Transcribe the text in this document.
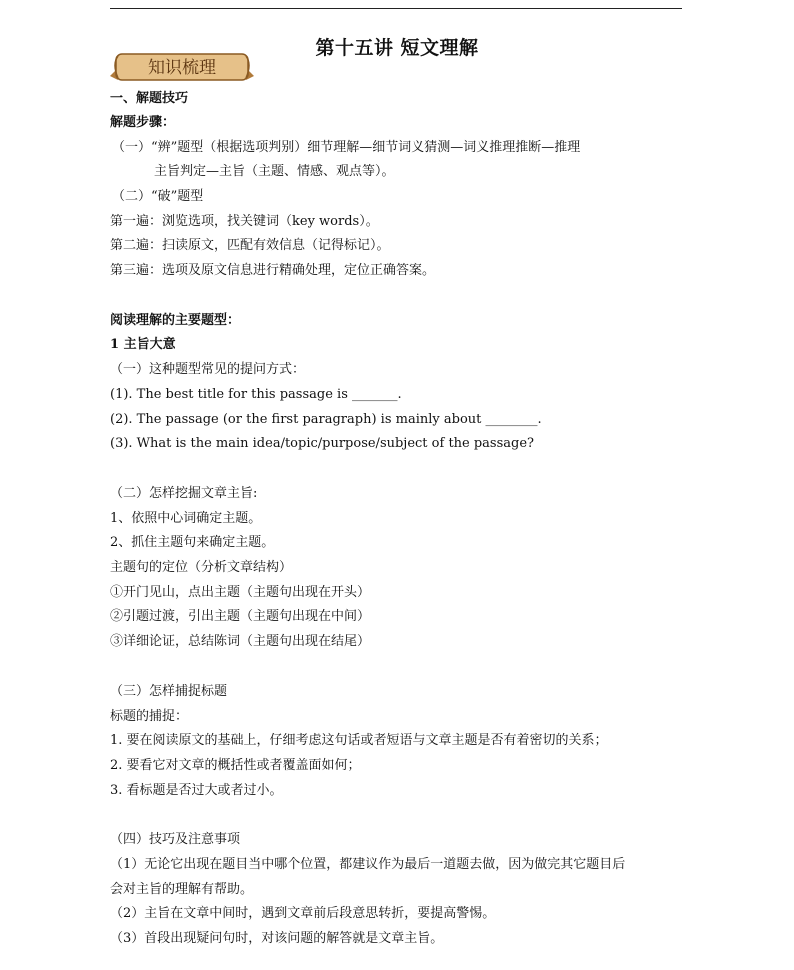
知识梳理
第十五讲 短文理解
一、解题技巧
解题步骤：
（一）“辨”题型（根据选项判别）细节理解—细节词义猜测—词义推理推断—推理
主旨判定—主旨（主题、情感、观点等）。
（二）“破”题型
第一遍：浏览选项，找关键词（key words）。
第二遍：扫读原文，匹配有效信息（记得标记）。
第三遍：选项及原文信息进行精确处理，定位正确答案。
阅读理解的主要题型：
1 主旨大意
（一）这种题型常见的提问方式：
(1). The best title for this passage is _______.
(2). The passage (or the first paragraph) is mainly about ________.
(3). What is the main idea/topic/purpose/subject of the passage?
（二）怎样挖掘文章主旨:
1、依照中心词确定主题。
2、抓住主题句来确定主题。
主题句的定位（分析文章结构）
①开门见山，点出主题（主题句出现在开头）
②引题过渡，引出主题（主题句出现在中间）
③详细论证，总结陈词（主题句出现在结尾）
（三）怎样捕捉标题
标题的捕捉：
1. 要在阅读原文的基础上，仔细考虑这句话或者短语与文章主题是否有着密切的关系；
2. 要看它对文章的概括性或者覆盖面如何；
3. 看标题是否过大或者过小。
（四）技巧及注意事项
（1）无论它出现在题目当中哪个位置，都建议作为最后一道题去做，因为做完其它题目后
会对主旨的理解有帮助。
（2）主旨在文章中间时，遇到文章前后段意思转折，要提高警惕。
（3）首段出现疑问句时，对该问题的解答就是文章主旨。
